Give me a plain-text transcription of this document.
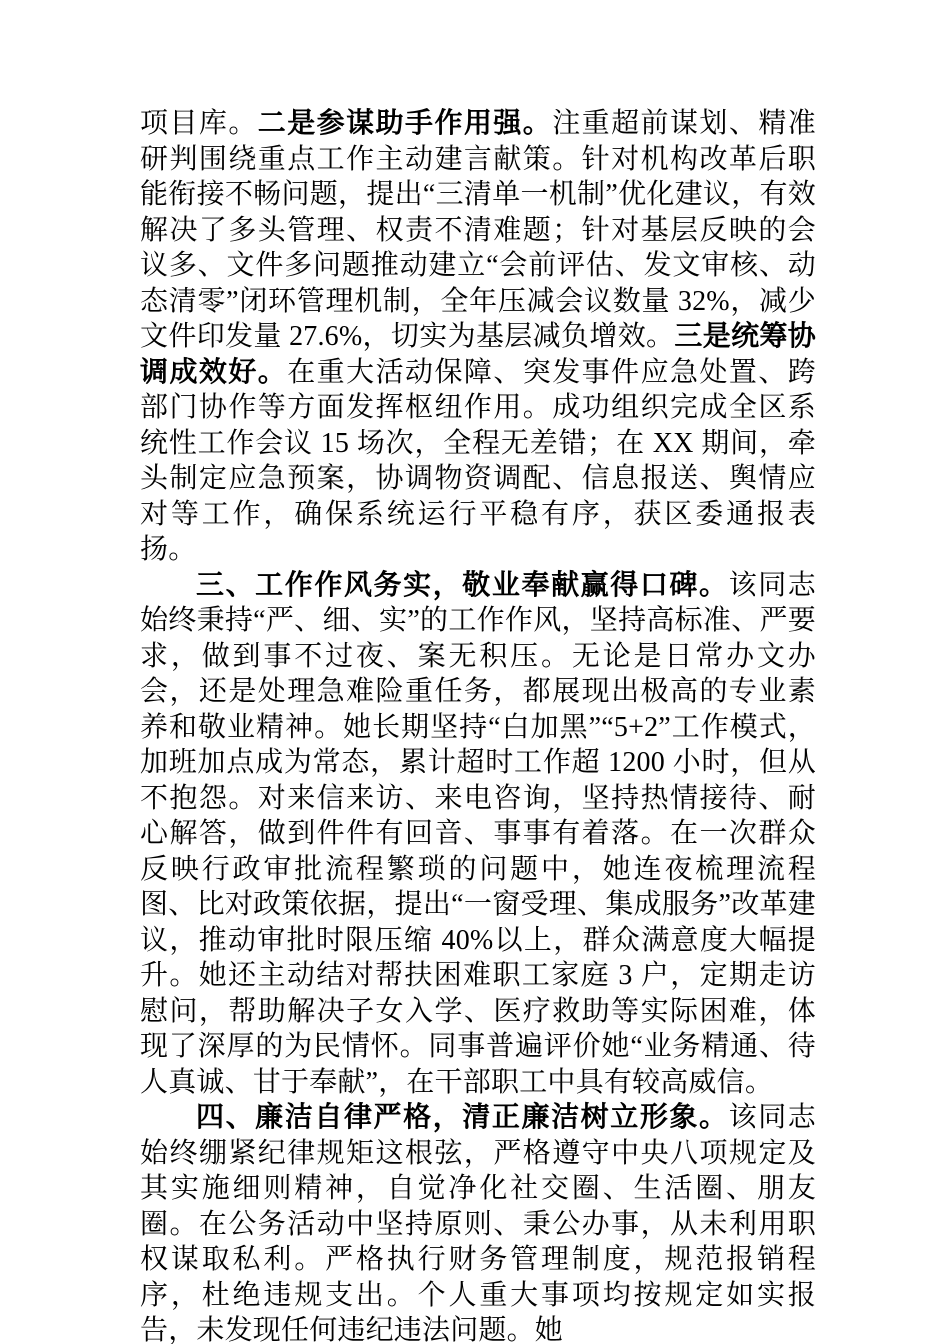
项目库。二是参谋助手作用强。注重超前谋划、精准研判围绕重点工作主动建言献策。针对机构改革后职能衔接不畅问题，提出“三清单一机制”优化建议，有效解决了多头管理、权责不清难题；针对基层反映的会议多、文件多问题推动建立“会前评估、发文审核、动态清零”闭环管理机制，全年压减会议数量 32%，减少文件印发量 27.6%，切实为基层减负增效。三是统筹协调成效好。在重大活动保障、突发事件应急处置、跨部门协作等方面发挥枢纽作用。成功组织完成全区系统性工作会议 15 场次，全程无差错；在 XX 期间，牵头制定应急预案，协调物资调配、信息报送、舆情应对等工作，确保系统运行平稳有序，获区委通报表扬。

三、工作作风务实，敬业奉献赢得口碑。该同志始终秉持“严、细、实”的工作作风，坚持高标准、严要求，做到事不过夜、案无积压。无论是日常办文办会，还是处理急难险重任务，都展现出极高的专业素养和敬业精神。她长期坚持“白加黑”“5+2”工作模式，加班加点成为常态，累计超时工作超 1200 小时，但从不抱怨。对来信来访、来电咨询，坚持热情接待、耐心解答，做到件件有回音、事事有着落。在一次群众反映行政审批流程繁琐的问题中，她连夜梳理流程图、比对政策依据，提出“一窗受理、集成服务”改革建议，推动审批时限压缩 40%以上，群众满意度大幅提升。她还主动结对帮扶困难职工家庭 3 户，定期走访慰问，帮助解决子女入学、医疗救助等实际困难，体现了深厚的为民情怀。同事普遍评价她“业务精通、待人真诚、甘于奉献”，在干部职工中具有较高威信。

四、廉洁自律严格，清正廉洁树立形象。该同志始终绷紧纪律规矩这根弦，严格遵守中央八项规定及其实施细则精神，自觉净化社交圈、生活圈、朋友圈。在公务活动中坚持原则、秉公办事，从未利用职权谋取私利。严格执行财务管理制度，规范报销程序，杜绝违规支出。个人重大事项均按规定如实报告，未发现任何违纪违法问题。她
